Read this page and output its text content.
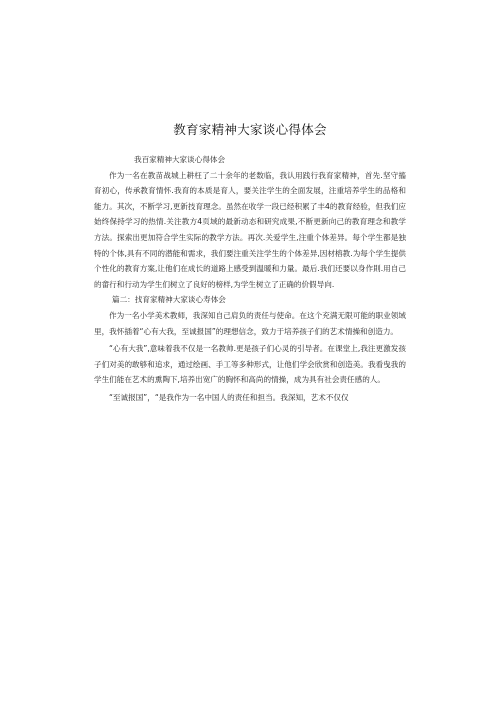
教育家精神大家谈心得体会
我百家精神大家谈心得体会

作为一名在教苗战城上耕枉了二十余年的老数临，我认用践行我育家精神，首先.坚守搐育初心，传承教育情怀.我育的本质是育人，要关注学生的全面发展，注重培养学生的品格和能力。其次，不断学习,更新技育理念。虽然在收学一段已经积累了丰4的教育经验，但我们应始终保持学习的热情.关注教方4页域的最新动态和研究成果,不断更新向己的教育理念和教学方法。探索出更加符合学生实际的教学方法。再次.关爱学生,注重个体差异。每个学生都是独特的个体,具有不同的潜能和需求，我们要注重关注学生的个体差异,因材榕教.为每个学生提供个性化的教育方案,让他们在成长的道路上感受到温暖和力量。最后.我们还要以身作則.用自己的畲行和行动为学生们树立了良好的榜样,为学生树立了正确的价假导向.

篇二：找育家精神大家谈心寿体会

作为一名小学美术教师，我深知自己肩负的责任与使命。在这个充满无限可能的职业领域里，我怀插着“心有大我，至诚报国”的理想信念，致力于培养孩子们的艺术情操和创造力。

“心有大我”,意味着我不仅是一名教帅.更是孩子们心灵的引导者。在课堂上,我注更激发孩子们对美的敢够和追求，通过绘画、手工等多种形式，让他们学会欣赏和创造美。我看曳我的学生们能在艺术的熏陶下,培养出宽广的胸怀和高尚的情操，成为具有社会责任感的人。

“至诚报国”，“是我作为一名中国人的责任和担当。我深知，艺术不仅仅
